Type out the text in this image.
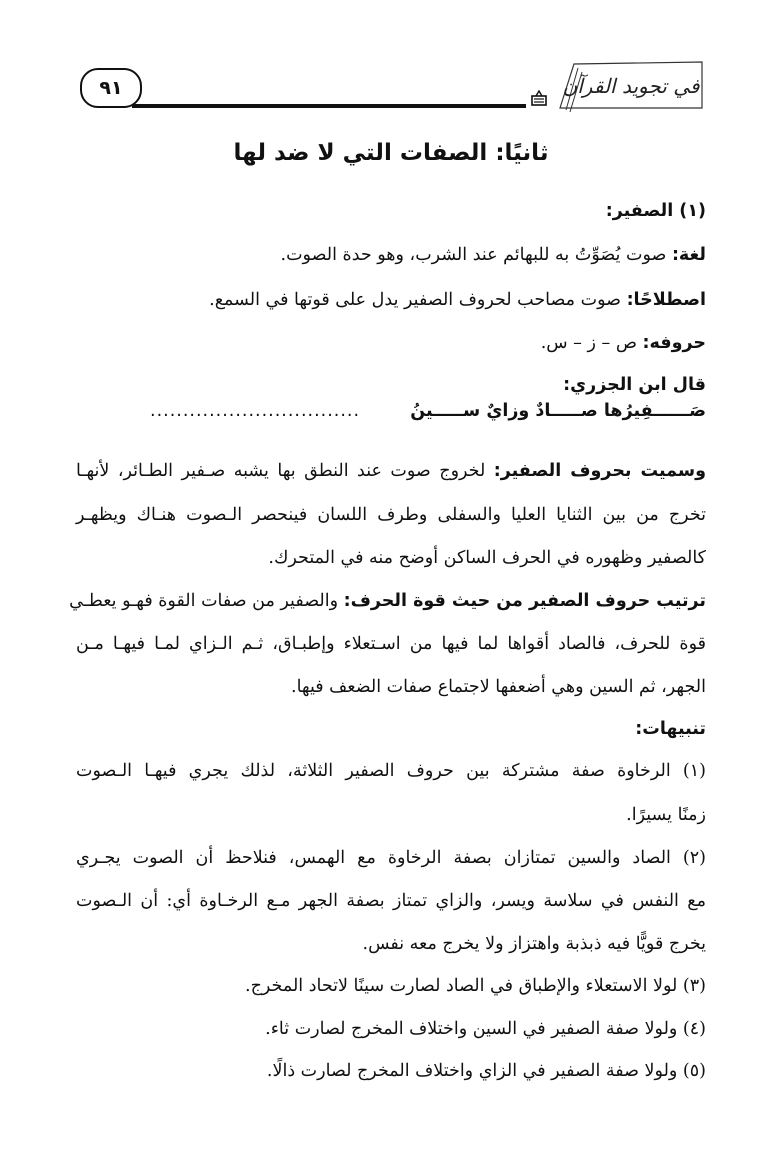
٩١	في تجويد القرآن
ثانيًا: الصفات التي لا ضد لها
(١) الصفير:
لغة: صوت يُصَوِّتُ به للبهائم عند الشرب، وهو حدة الصوت.
اصطلاحًا: صوت مصاحب لحروف الصفير يدل على قوتها في السمع.
حروفه: ص – ز – س.
قال ابن الجزري:
صَــــــفِيرُها صـــــادٌ وزايٌ ســـــينُ
................................
وسميت بحروف الصفير: لخروج صوت عند النطق بها يشبه صـفير الطـائر، لأنهـا
تخرج من بين الثنايا العليا والسفلى وطرف اللسان فينحصر الـصوت هنـاك ويظهـر
كالصفير وظهوره في الحرف الساكن أوضح منه في المتحرك.
ترتيب حروف الصفير من حيث قوة الحرف: والصفير من صفات القوة فهـو يعطـي
قوة للحرف، فالصاد أقواها لما فيها من اسـتعلاء وإطبـاق، ثـم الـزاي لمـا فيهـا مـن
الجهر، ثم السين وهي أضعفها لاجتماع صفات الضعف فيها.
تنبيهات:
(١) الرخاوة صفة مشتركة بين حروف الصفير الثلاثة، لذلك يجري فيهـا الـصوت
زمنًا يسيرًا.
(٢) الصاد والسين تمتازان بصفة الرخاوة مع الهمس، فنلاحظ أن الصوت يجـري
مع النفس في سلاسة ويسر، والزاي تمتاز بصفة الجهر مـع الرخـاوة أي: أن الـصوت
يخرج قويًّا فيه ذبذبة واهتزاز ولا يخرج معه نفس.
(٣) لولا الاستعلاء والإطباق في الصاد لصارت سينًا لاتحاد المخرج.
(٤) ولولا صفة الصفير في السين واختلاف المخرج لصارت ثاء.
(٥) ولولا صفة الصفير في الزاي واختلاف المخرج لصارت ذالًا.
